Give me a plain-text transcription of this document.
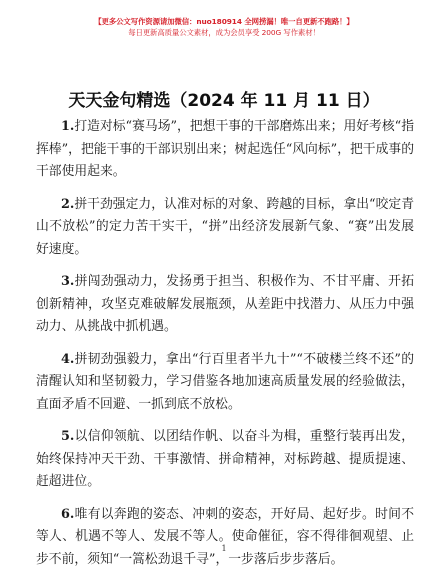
【更多公文写作资源请加微信：nuo180914 全网捞漏！唯一自更新不跑路！】
每日更新高质量公文素材，成为会员享受 200G 写作素材！
天天金句精选（2024 年 11 月 11 日）

1.打造对标“赛马场”，把想干事的干部磨炼出来；用好考核“指挥棒”，把能干事的干部识别出来；树起选任“风向标”，把干成事的干部使用起来。

2.拼干劲强定力，认准对标的对象、跨越的目标，拿出“咬定青山不放松”的定力苦干实干，“拼”出经济发展新气象、“赛”出发展好速度。

3.拼闯劲强动力，发扬勇于担当、积极作为、不甘平庸、开拓创新精神，攻坚克难破解发展瓶颈，从差距中找潜力、从压力中强动力、从挑战中抓机遇。

4.拼韧劲强毅力，拿出“行百里者半九十”“不破楼兰终不还”的清醒认知和坚韧毅力，学习借鉴各地加速高质量发展的经验做法，直面矛盾不回避、一抓到底不放松。

5.以信仰领航、以团结作帆、以奋斗为楫，重整行装再出发，始终保持冲天干劲、干事激情、拼命精神，对标跨越、提质提速、赶超进位。

6.唯有以奔跑的姿态、冲刺的姿态，开好局、起好步。时间不等人、机遇不等人、发展不等人。使命催征，容不得徘徊观望、止步不前，须知“一篙松劲退千寻”，一步落后步步落后。

1
